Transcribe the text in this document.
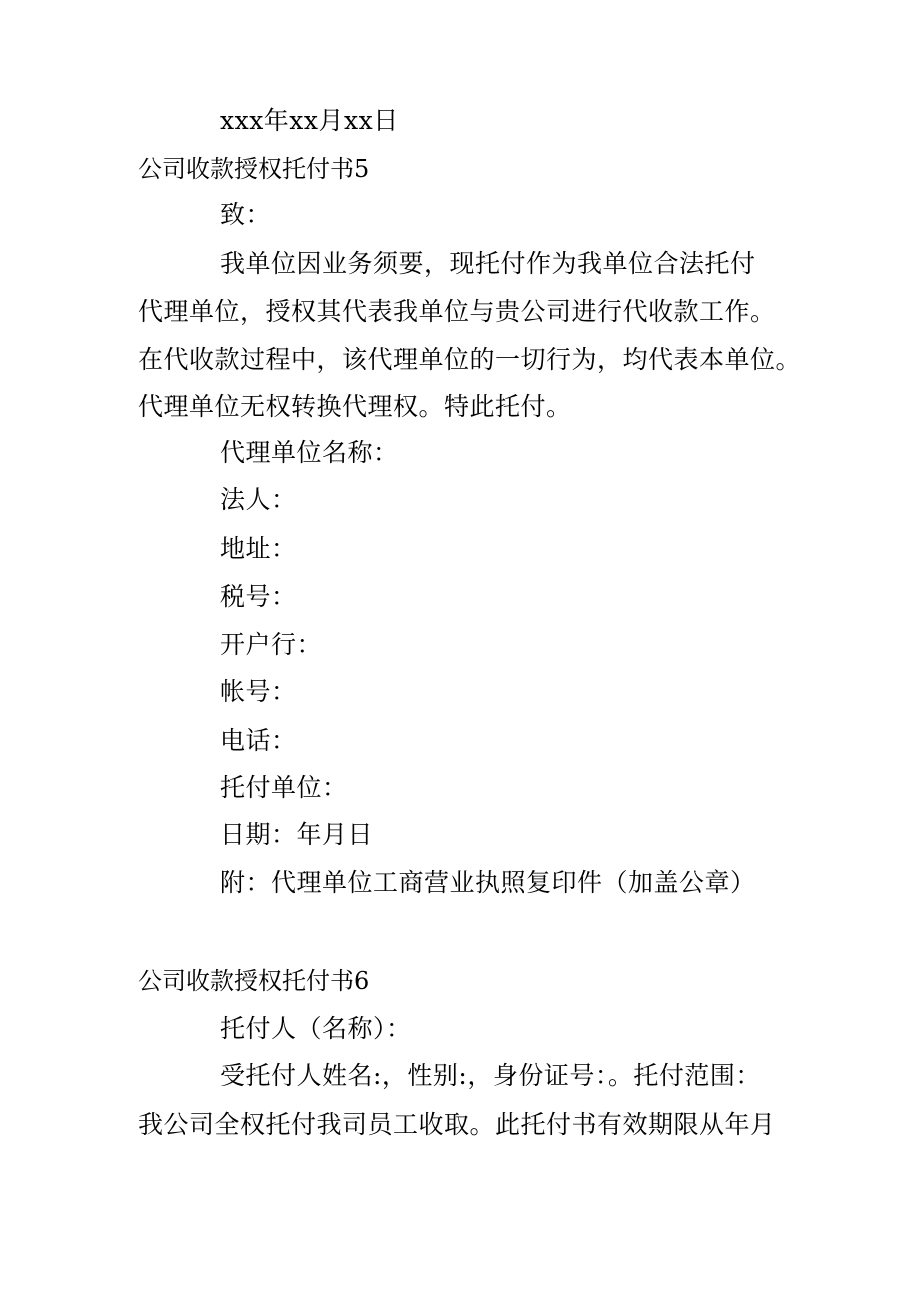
xxx年xx月xx日
公司收款授权托付书5
致：
我单位因业务须要，现托付作为我单位合法托付
代理单位，授权其代表我单位与贵公司进行代收款工作。
在代收款过程中，该代理单位的一切行为，均代表本单位。
代理单位无权转换代理权。特此托付。
代理单位名称：
法人：
地址：
税号：
开户行：
帐号：
电话：
托付单位：
日期：年月日
附：代理单位工商营业执照复印件（加盖公章）
公司收款授权托付书6
托付人（名称）：
受托付人姓名:，性别:，身份证号：。托付范围：
我公司全权托付我司员工收取。此托付书有效期限从年月
